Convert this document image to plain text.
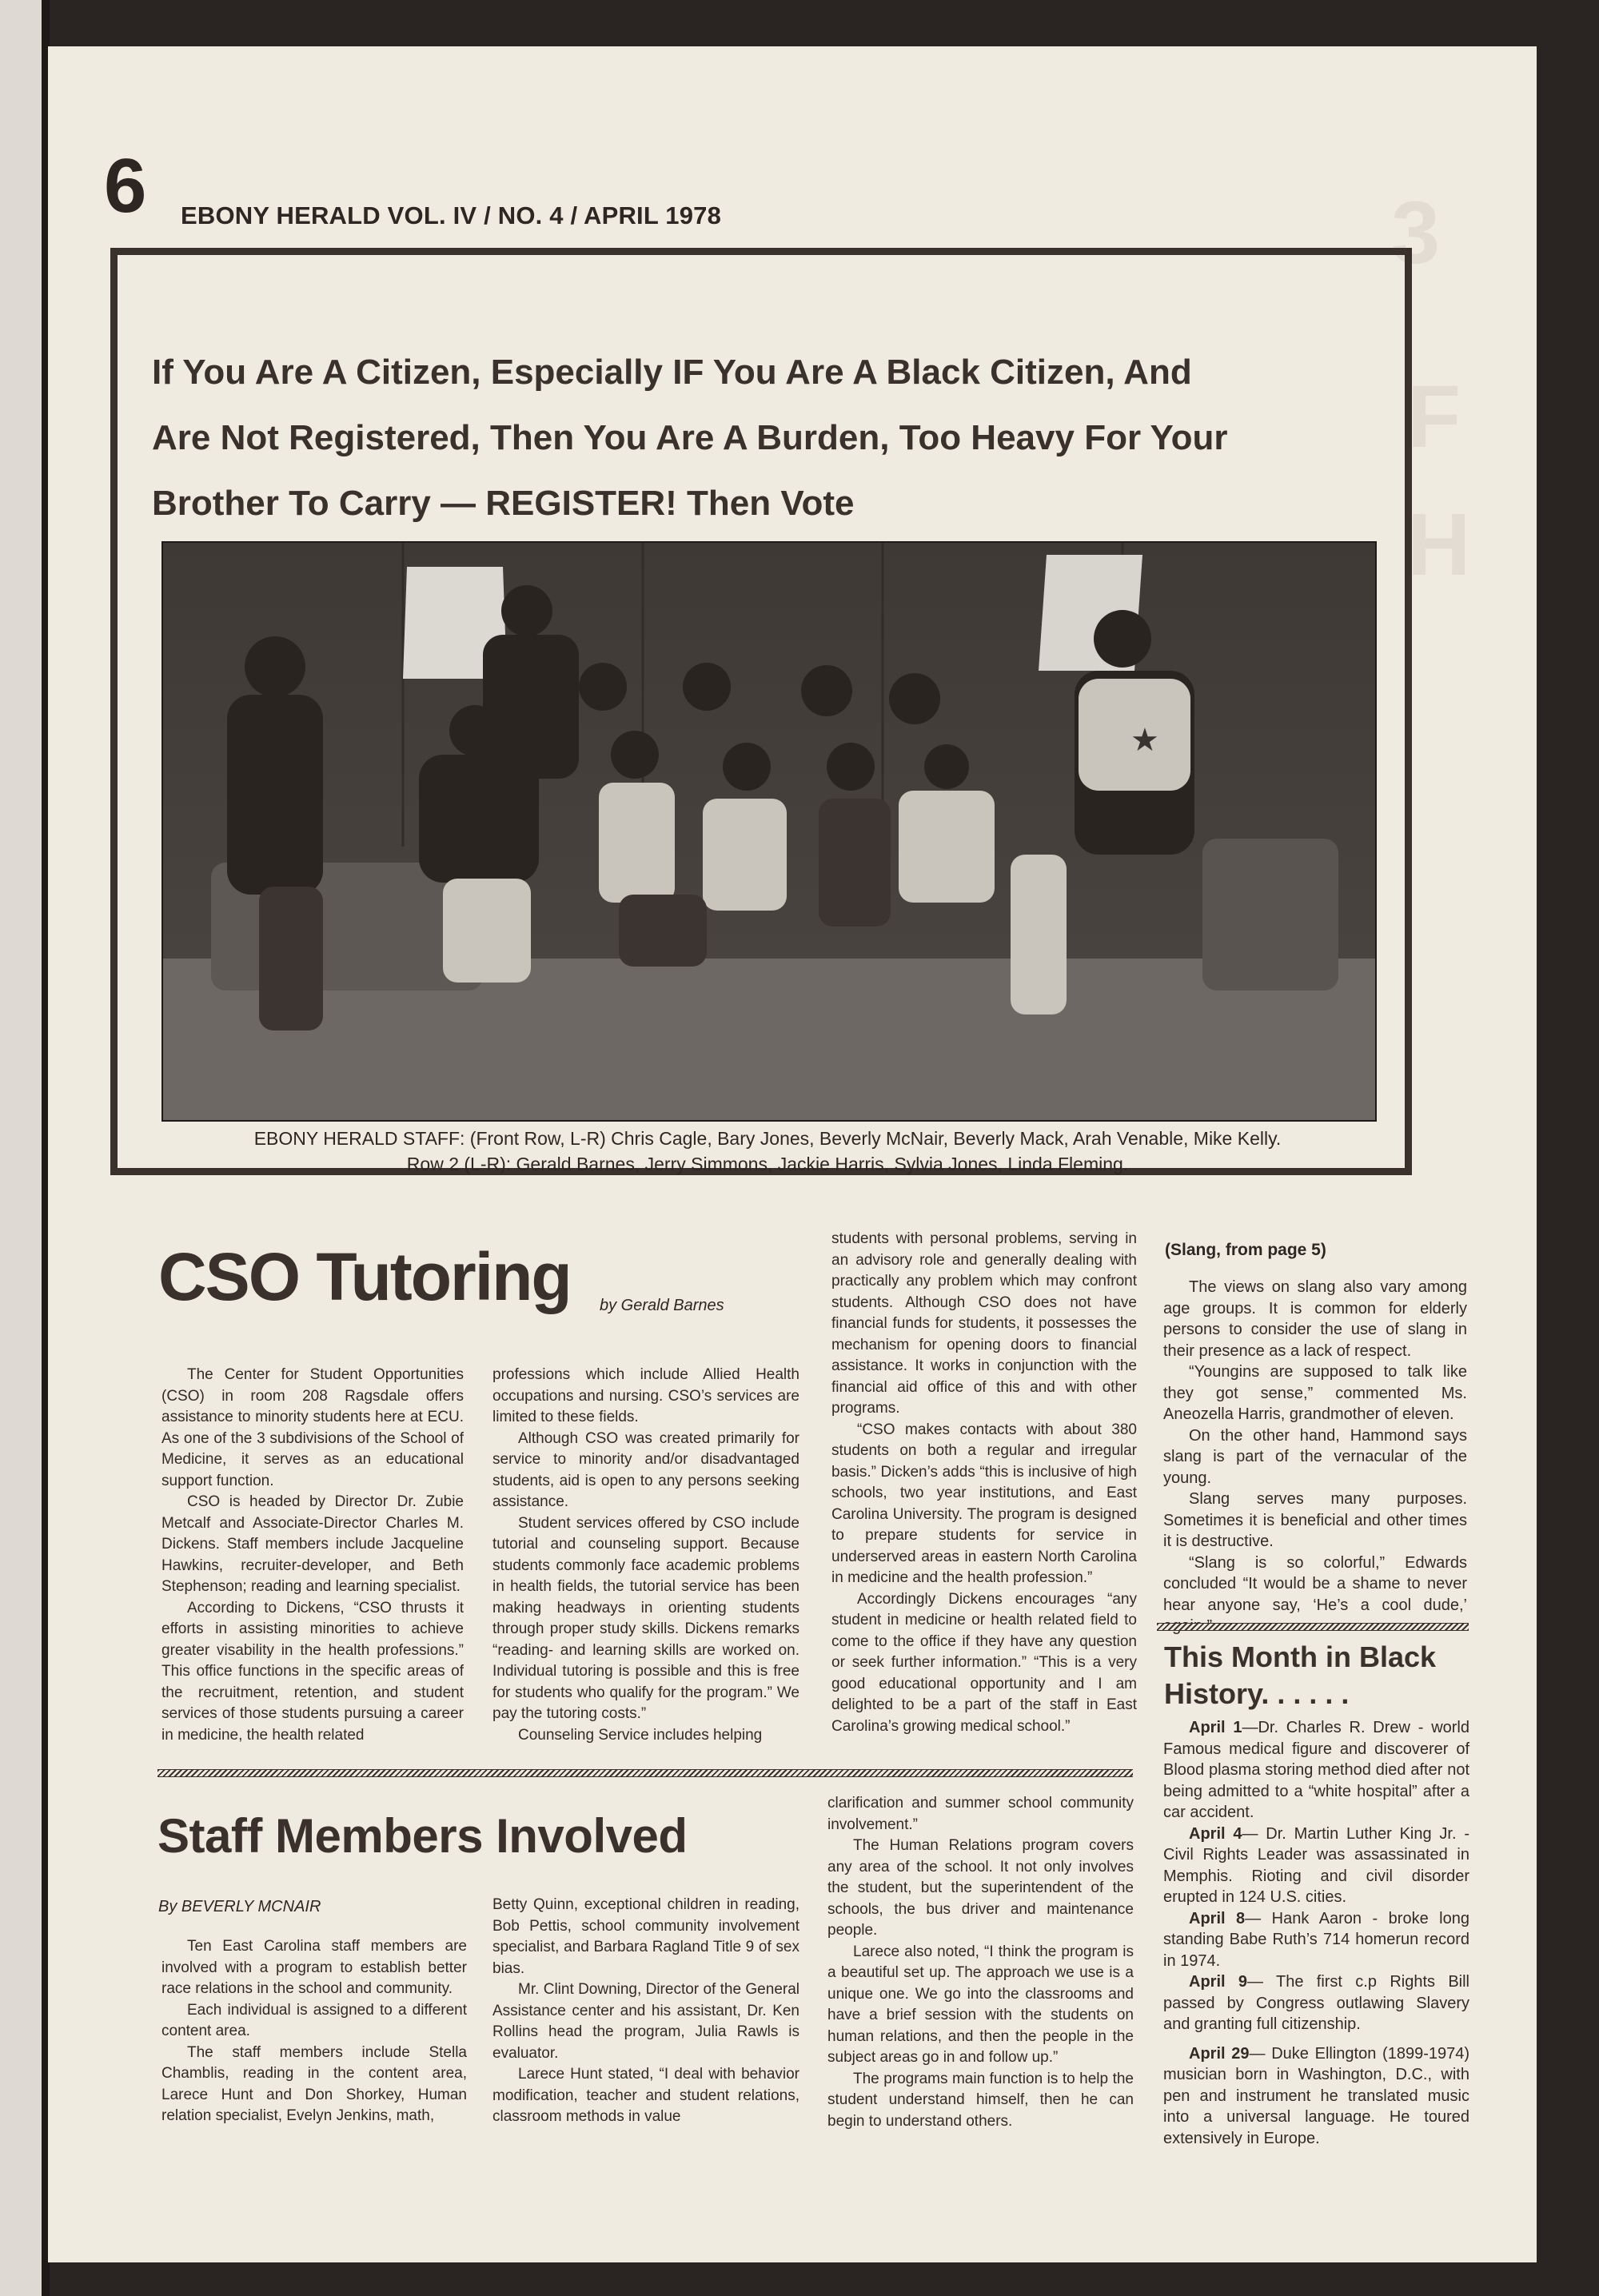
3
F
H
6 EBONY HERALD VOL. IV / NO. 4 / APRIL 1978
If You Are A Citizen, Especially IF You Are A Black Citizen, And
Are Not Registered, Then You Are A Burden, Too Heavy For Your
Brother To Carry — REGISTER! Then Vote
★
EBONY HERALD STAFF: (Front Row, L-R) Chris Cagle, Bary Jones, Beverly McNair, Beverly Mack, Arah Venable, Mike Kelly.
Row 2 (L-R): Gerald Barnes, Jerry Simmons, Jackie Harris, Sylvia Jones, Linda Fleming.
CSO Tutoring by Gerald Barnes

The Center for Student Opportunities (CSO) in room 208 Ragsdale offers assistance to minority students here at ECU. As one of the 3 subdivisions of the School of Medicine, it serves as an educational support function.

CSO is headed by Director Dr. Zubie Metcalf and Associate-Director Charles M. Dickens. Staff members include Jacqueline Hawkins, recruiter-developer, and Beth Stephenson; reading and learning specialist.

According to Dickens, “CSO thrusts it efforts in assisting minorities to achieve greater visability in the health professions.” This office functions in the specific areas of the recruitment, retention, and student services of those students pursuing a career in medicine, the health related

professions which include Allied Health occupations and nursing. CSO’s services are limited to these fields.

Although CSO was created primarily for service to minority and/or disadvantaged students, aid is open to any persons seeking assistance.

Student services offered by CSO include tutorial and counseling support. Because students commonly face academic problems in health fields, the tutorial service has been making headways in orienting students through proper study skills. Dickens remarks “reading- and learning skills are worked on. Individual tutoring is possible and this is free for students who qualify for the program.” We pay the tutoring costs.”

Counseling Service includes helping

students with personal problems, serving in an advisory role and generally dealing with practically any problem which may confront students. Although CSO does not have financial funds for students, it possesses the mechanism for opening doors to financial assistance. It works in conjunction with the financial aid office of this and with other programs.

“CSO makes contacts with about 380 students on both a regular and irregular basis.” Dicken’s adds “this is inclusive of high schools, two year institutions, and East Carolina University. The program is designed to prepare students for service in underserved areas in eastern North Carolina in medicine and the health profession.”

Accordingly Dickens encourages “any student in medicine or health related field to come to the office if they have any question or seek further information.” “This is a very good educational opportunity and I am delighted to be a part of the staff in East Carolina’s growing medical school.”

(Slang, from page 5)

The views on slang also vary among age groups. It is common for elderly persons to consider the use of slang in their presence as a lack of respect.

“Youngins are supposed to talk like they got sense,” commented Ms. Aneozella Harris, grandmother of eleven.

On the other hand, Hammond says slang is part of the vernacular of the young.

Slang serves many purposes. Sometimes it is beneficial and other times it is destructive.

“Slang is so colorful,” Edwards concluded “It would be a shame to never hear anyone say, ‘He’s a cool dude,’

This Month in Black History. . . . . .

April 1—Dr. Charles R. Drew - world Famous medical figure and discoverer of Blood plasma storing method died after not being admitted to a “white hospital” after a car accident.

April 4— Dr. Martin Luther King Jr. - Civil Rights Leader was assassinated in Memphis. Rioting and civil disorder erupted in 124 U.S. cities.

April 8— Hank Aaron - broke long standing Babe Ruth’s 714 homerun record in 1974.

April 9— The first c.p Rights Bill passed by Congress outlawing Slavery and granting full citizenship.

April 29— Duke Ellington (1899-1974) musician born in Washington, D.C., with pen and instrument he translated music into a universal language. He toured extensively in Europe.

Staff Members Involved
By BEVERLY MCNAIR

Ten East Carolina staff members are involved with a program to establish better race relations in the school and community.

Each individual is assigned to a different content area.

The staff members include Stella Chamblis, reading in the content area, Larece Hunt and Don Shorkey, Human relation specialist, Evelyn Jenkins, math,

Betty Quinn, exceptional children in reading, Bob Pettis, school community involvement specialist, and Barbara Ragland Title 9 of sex bias.

Mr. Clint Downing, Director of the General Assistance center and his assistant, Dr. Ken Rollins head the program, Julia Rawls is evaluator.

Larece Hunt stated, “I deal with behavior modification, teacher and student relations, classroom methods in value

clarification and summer school community involvement.”

The Human Relations program covers any area of the school. It not only involves the student, but the superintendent of the schools, the bus driver and maintenance people.

Larece also noted, “I think the program is a beautiful set up. The approach we use is a unique one. We go into the classrooms and have a brief session with the students on human relations, and then the people in the subject areas go in and follow up.”

The programs main function is to help the student understand himself, then he can begin to understand others.
